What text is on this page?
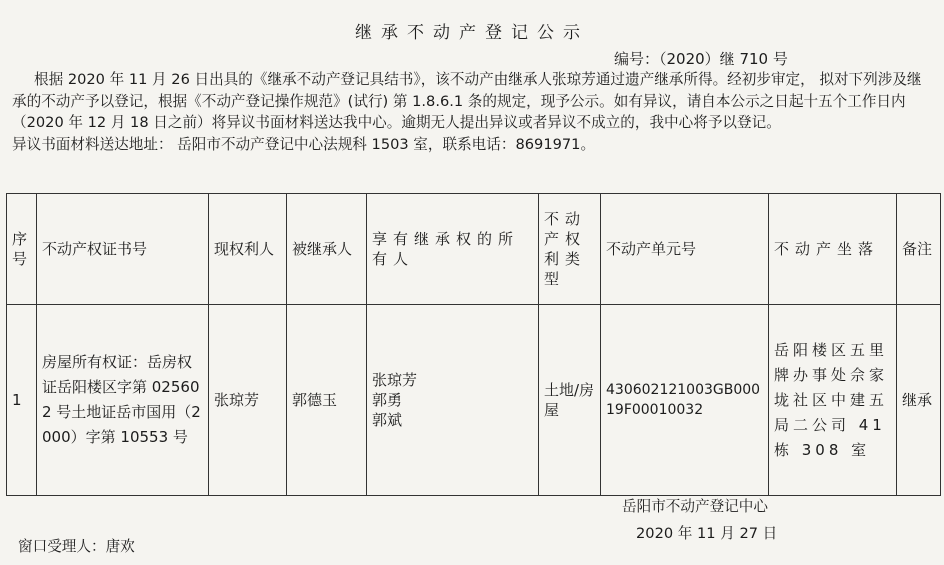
继承不动产登记公示
编号：（2020）继 710 号

根据 2020 年 11 月 26 日出具的《继承不动产登记具结书》，该不动产由继承人张琼芳通过遗产继承所得。经初步审定， 拟对下列涉及继承的不动产予以登记，根据《不动产登记操作规范》(试行) 第 1.8.6.1 条的规定，现予公示。如有异议，请自本公示之日起十五个工作日内（2020 年 12 月 18 日之前）将异议书面材料送达我中心。逾期无人提出异议或者异议不成立的，我中心将予以登记。

异议书面材料送达地址： 岳阳市不动产登记中心法规科 1503 室，联系电话：8691971。

序号	不动产权证书号	现权利人	被继承人	享有继承权的所有人	不动产权利类型	不动产单元号	不动产坐落	备注
1	房屋所有权证：岳房权证岳阳楼区字第 025602 号土地证岳市国用（2000）字第 10553 号	张琼芳	郭德玉	张琼芳
郭勇
郭斌	土地/房屋	430602121003GB00019F00010032	岳阳楼区五里牌办事处佘家垅社区中建五局二公司 41 栋 308 室	继承
岳阳市不动产登记中心
2020 年 11 月 27 日
窗口受理人：唐欢
